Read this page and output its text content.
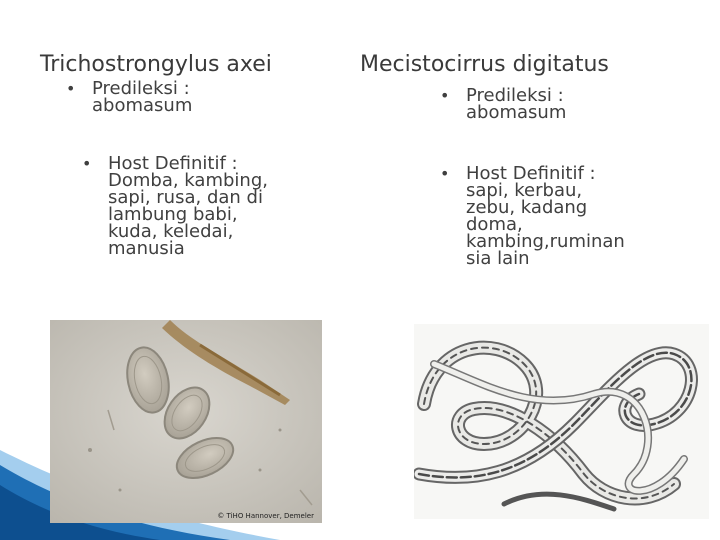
Trichostrongylus axei
• Predileksi :
abomasum
• Host Definitif :
Domba, kambing,
sapi, rusa, dan di
lambung babi,
kuda, keledai,
manusia
Mecistocirrus digitatus
• Predileksi :
abomasum
• Host Definitif :
sapi, kerbau,
zebu, kadang
doma,
kambing,ruminan
sia lain
© TiHO Hannover, Demeler
